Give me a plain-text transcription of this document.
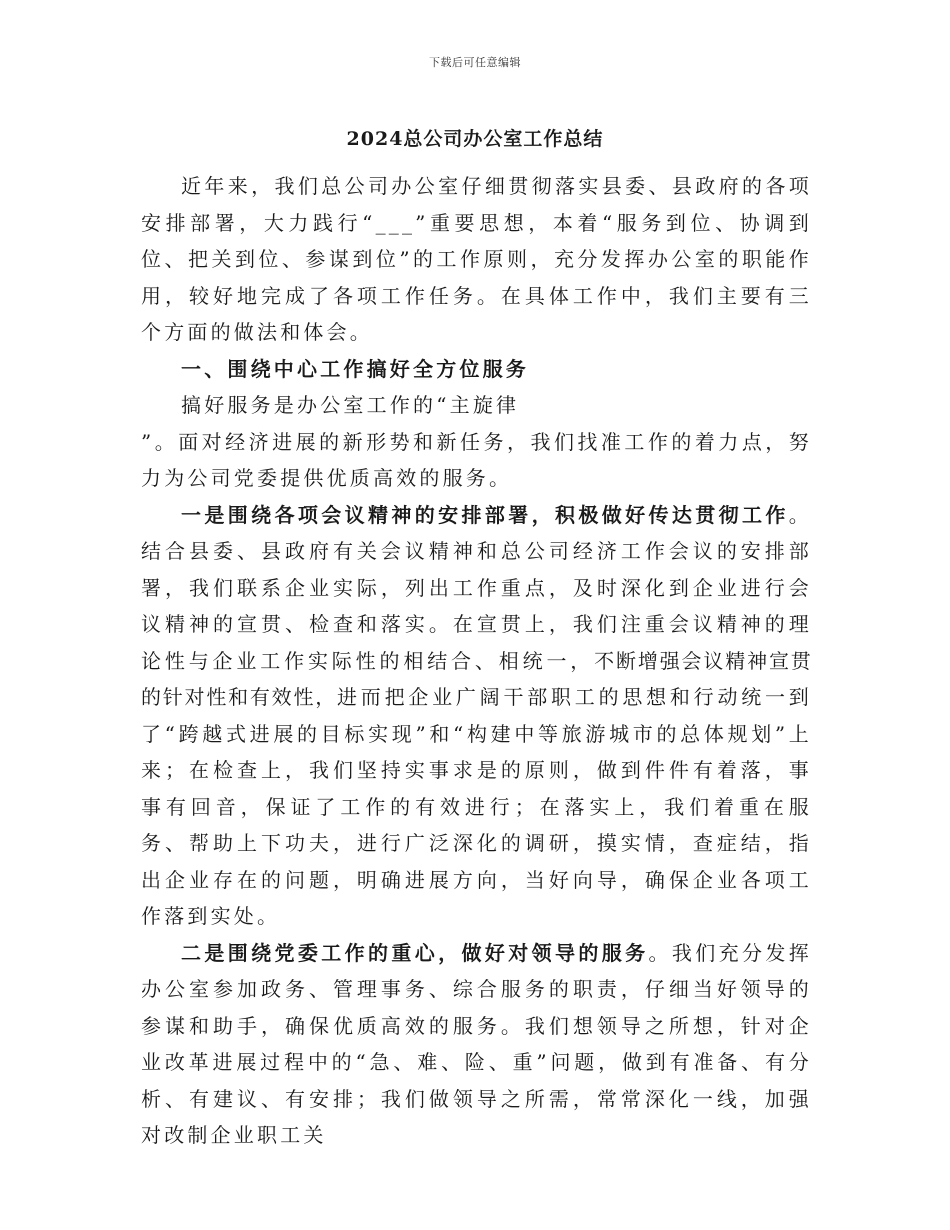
下载后可任意编辑
2024总公司办公室工作总结

近年来，我们总公司办公室仔细贯彻落实县委、县政府的各项安排部署，大力践行“___”重要思想，本着“服务到位、协调到位、把关到位、参谋到位”的工作原则，充分发挥办公室的职能作用，较好地完成了各项工作任务。在具体工作中，我们主要有三个方面的做法和体会。

一、围绕中心工作搞好全方位服务

搞好服务是办公室工作的“主旋律

”。面对经济进展的新形势和新任务，我们找准工作的着力点，努力为公司党委提供优质高效的服务。

一是围绕各项会议精神的安排部署，积极做好传达贯彻工作。结合县委、县政府有关会议精神和总公司经济工作会议的安排部署，我们联系企业实际，列出工作重点，及时深化到企业进行会议精神的宣贯、检查和落实。在宣贯上，我们注重会议精神的理论性与企业工作实际性的相结合、相统一，不断增强会议精神宣贯的针对性和有效性，进而把企业广阔干部职工的思想和行动统一到了“跨越式进展的目标实现”和“构建中等旅游城市的总体规划”上来；在检查上，我们坚持实事求是的原则，做到件件有着落，事事有回音，保证了工作的有效进行；在落实上，我们着重在服务、帮助上下功夫，进行广泛深化的调研，摸实情，查症结，指出企业存在的问题，明确进展方向，当好向导，确保企业各项工作落到实处。

二是围绕党委工作的重心，做好对领导的服务。我们充分发挥办公室参加政务、管理事务、综合服务的职责，仔细当好领导的参谋和助手，确保优质高效的服务。我们想领导之所想，针对企业改革进展过程中的“急、难、险、重”问题，做到有准备、有分析、有建议、有安排；我们做领导之所需，常常深化一线，加强对改制企业职工关
